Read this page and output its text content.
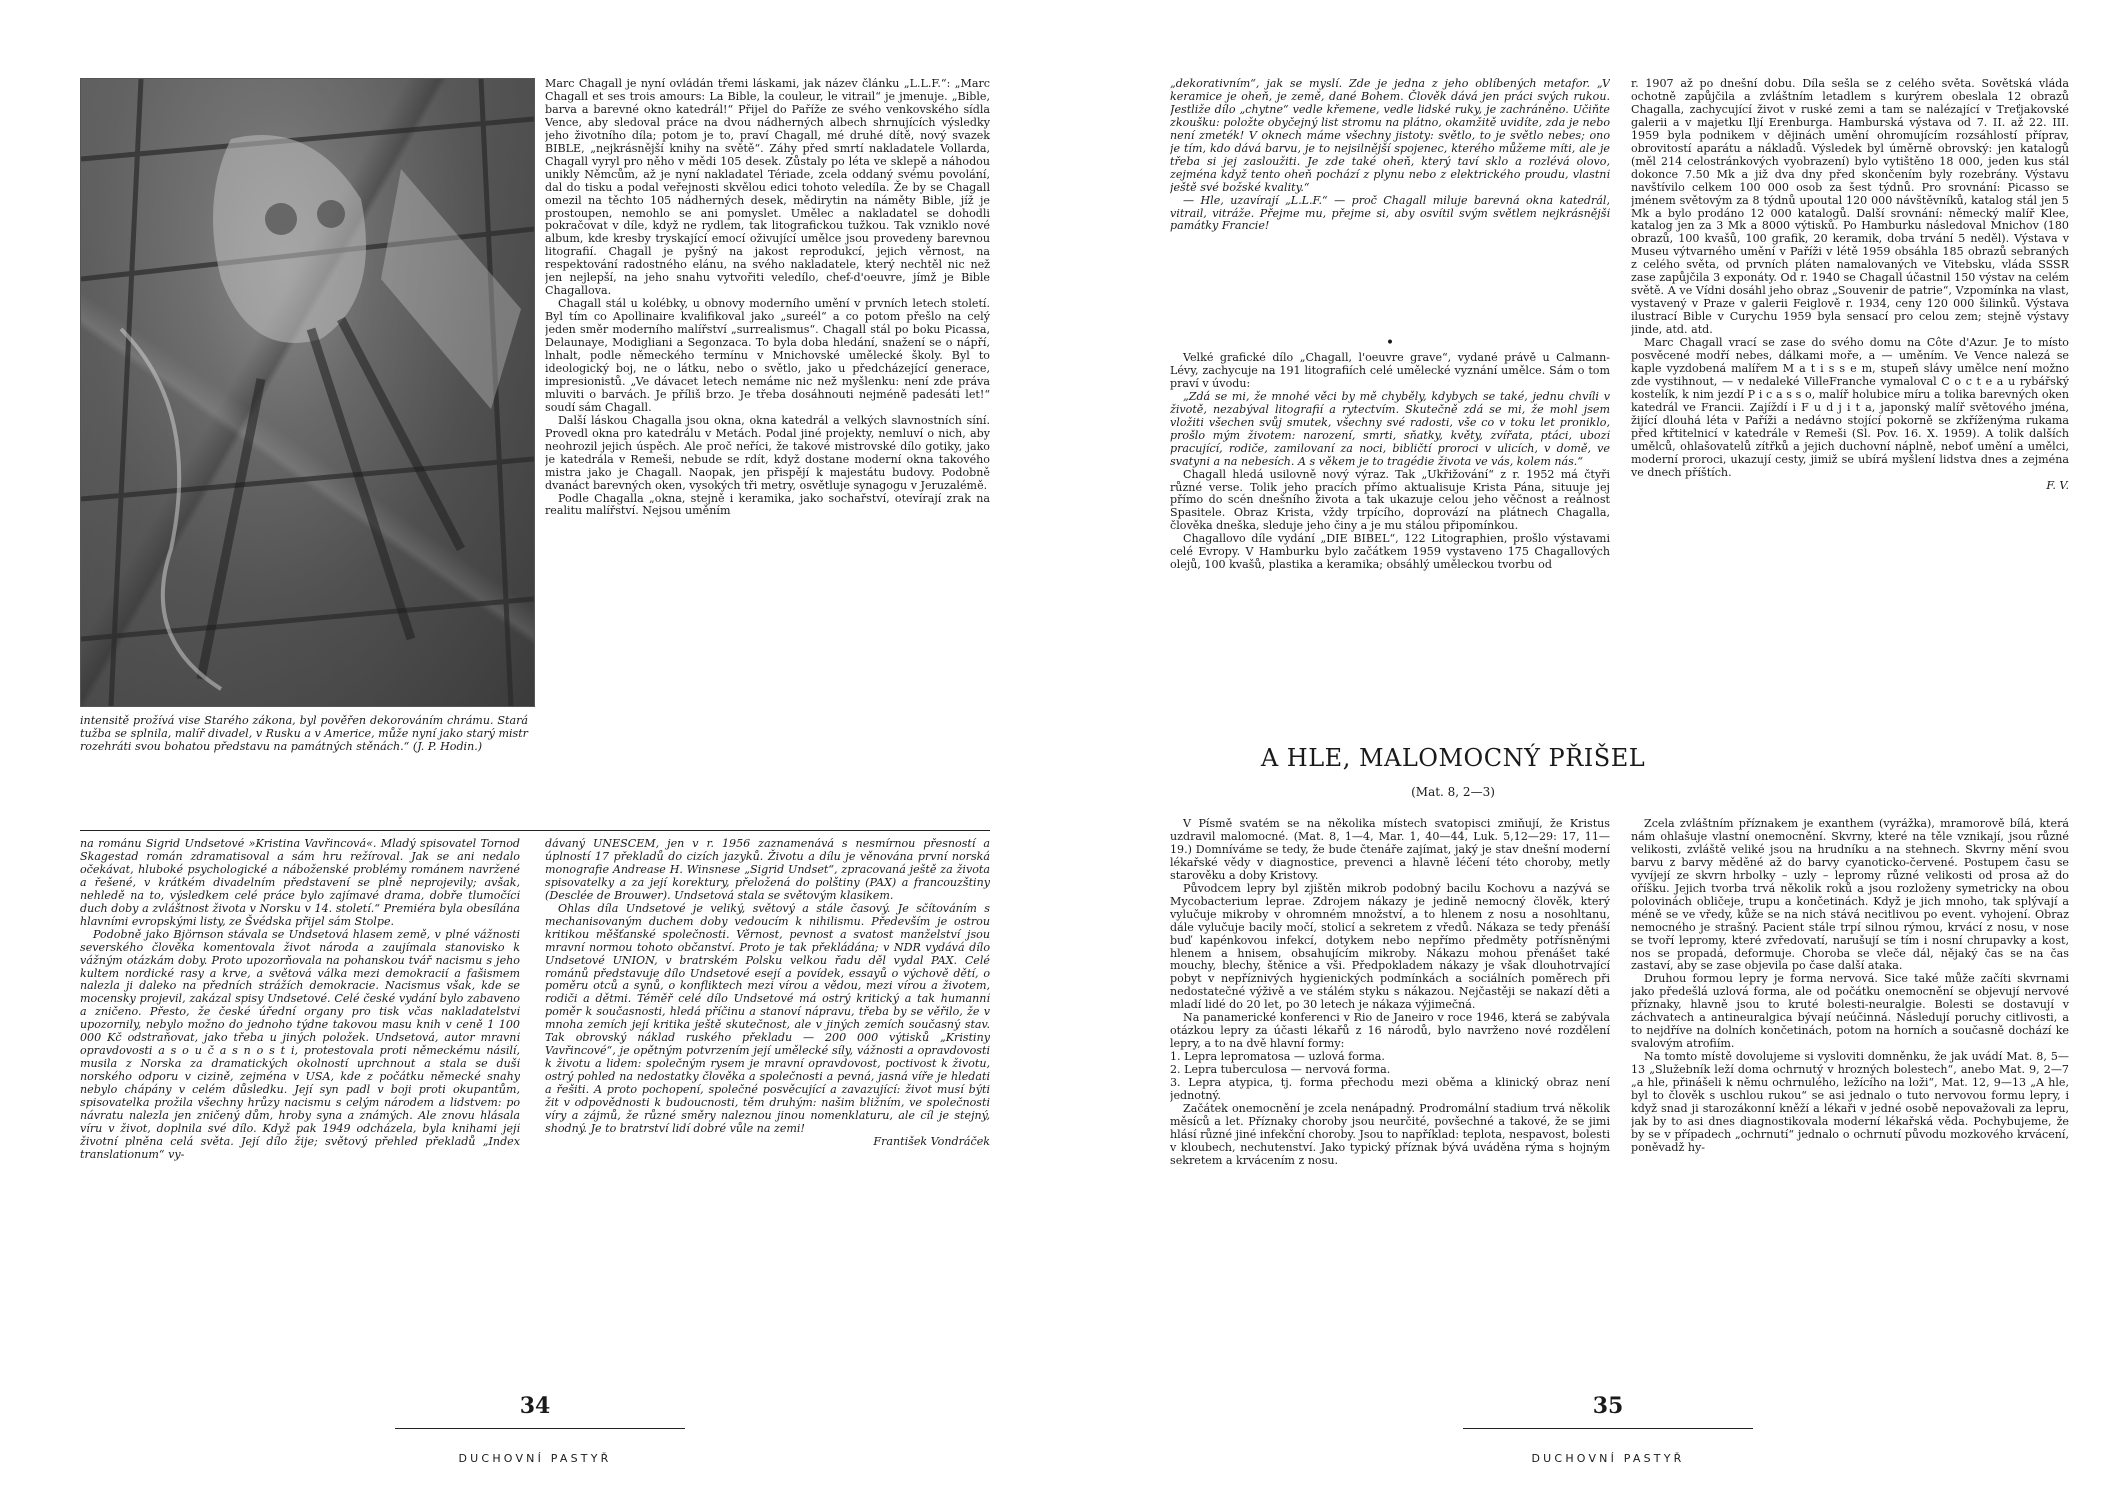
intensitě prožívá vise Starého zákona, byl pověřen dekorováním chrámu. Stará tužba se splnila, malíř divadel, v Rusku a v Americe, může nyní jako starý mistr rozehráti svou bohatou představu na památných stěnách.“ (J. P. Hodin.)

Marc Chagall je nyní ovládán třemi láskami, jak název článku „L.L.F.“: „Marc Chagall et ses trois amours: La Bible, la couleur, le vitrail“ je jmenuje. „Bible, barva a barevné okno katedrál!“ Přijel do Paříže ze svého venkovského sídla Vence, aby sledoval práce na dvou nádherných albech shrnujících výsledky jeho životního díla; potom je to, praví Chagall, mé druhé dítě, nový svazek BIBLE, „nejkrásnější knihy na světě“. Záhy před smrtí nakladatele Vollarda, Chagall vyryl pro něho v mědi 105 desek. Zůstaly po léta ve sklepě a náhodou unikly Němcům, až je nyní nakladatel Tériade, zcela oddaný svému povolání, dal do tisku a podal veřejnosti skvělou edici tohoto veledíla. Že by se Chagall omezil na těchto 105 nádherných desek, mědirytin na náměty Bible, jíž je prostoupen, nemohlo se ani pomyslet. Umělec a nakladatel se dohodli pokračovat v díle, když ne rydlem, tak litografickou tužkou. Tak vzniklo nové album, kde kresby tryskající emocí oživující umělce jsou provedeny barevnou litografií. Chagall je pyšný na jakost reprodukcí, jejich věrnost, na respektování radostného elánu, na svého nakladatele, který nechtěl nic než jen nejlepší, na jeho snahu vytvořiti veledílo, chef-d'oeuvre, jímž je Bible Chagallova.

Chagall stál u kolébky, u obnovy moderního umění v prvních letech století. Byl tím co Apollinaire kvalifikoval jako „sureél“ a co potom přešlo na celý jeden směr moderního malířství „surrealismus“. Chagall stál po boku Picassa, Delaunaye, Modigliani a Segonzaca. To byla doba hledání, snažení se o nápří, lnhalt, podle německého termínu v Mnichovské umělecké školy. Byl to ideologický boj, ne o látku, nebo o světlo, jako u předcházející generace, impresionistů. „Ve dávacet letech nemáme nic než myšlenku: není zde práva mluviti o barvách. Je příliš brzo. Je třeba dosáhnouti nejméně padesáti let!“ soudí sám Chagall.

Další láskou Chagalla jsou okna, okna katedrál a velkých slavnostních síní. Provedl okna pro katedrálu v Metách. Podal jiné projekty, nemluví o nich, aby neohrozil jejich úspěch. Ale proč neříci, že takové mistrovské dílo gotiky, jako je katedrála v Remeši, nebude se rdít, když dostane moderní okna takového mistra jako je Chagall. Naopak, jen přispějí k majestátu budovy. Podobně dvanáct barevných oken, vysokých tři metry, osvětluje synagogu v Jeruzalémě.

Podle Chagalla „okna, stejně i keramika, jako sochařství, otevírají zrak na realitu malířství. Nejsou uměním

na románu Sigrid Undsetové »Kristina Vavřincová«. Mladý spisovatel Tornod Skagestad román zdramatisoval a sám hru režíroval. Jak se ani nedalo očekávat, hluboké psychologické a náboženské problémy románem navržené a řešené, v krátkém divadelním představení se plně neprojevily; avšak, nehledě na to, výsledkem celé práce bylo zajímavé drama, dobře tlumočící duch doby a zvláštnost života v Norsku v 14. století.“ Premiéra byla obesílána hlavními evropskými listy, ze Švédska přijel sám Stolpe.

Podobně jako Björnson stávala se Undsetová hlasem země, v plné vážnosti severského člověka komentovala život národa a zaujímala stanovisko k vážným otázkám doby. Proto upozorňovala na pohanskou tvář nacismu s jeho kultem nordické rasy a krve, a světová válka mezi demokracií a fašismem nalezla ji daleko na předních strážích demokracie. Nacismus však, kde se mocensky projevil, zakázal spisy Undsetové. Celé české vydání bylo zabaveno a zničeno. Přesto, že české úřední organy pro tisk včas nakladatelství upozornily, nebylo možno do jednoho týdne takovou masu knih v ceně 1 100 000 Kč odstraňovat, jako třeba u jiných položek. Undsetová, autor mravní opravdovosti a s o u č a s n o s t i, protestovala proti německému násilí, musila z Norska za dramatických okolností uprchnout a stala se duší norského odporu v cizině, zejména v USA, kde z počátku německé snahy nebylo chápány v celém důsledku. Její syn padl v boji proti okupantům, spisovatelka prožila všechny hrůzy nacismu s celým národem a lidstvem: po návratu nalezla jen zničený dům, hroby syna a známých. Ale znovu hlásala víru v život, doplnila své dílo. Když pak 1949 odcházela, byla knihami její životní plněna celá světa. Její dílo žije; světový přehled překladů „Index translationum“ vy-

dávaný UNESCEM, jen v r. 1956 zaznamenává s nesmírnou přesností a úplností 17 překladů do cizích jazyků. Životu a dílu je věnována první norská monografie Andrease H. Winsnese „Sigrid Undset“, zpracovaná ještě za života spisovatelky a za její korektury, přeložená do polštiny (PAX) a francouzštiny (Desclée de Brouwer). Undsetová stala se světovým klasikem.

Ohlas díla Undsetové je veliký, světový a stále časový. Je sčítováním s mechanisovaným duchem doby vedoucím k nihilismu. Především je ostrou kritikou měšťanské společnosti. Věrnost, pevnost a svatost manželství jsou mravní normou tohoto občanství. Proto je tak překládána; v NDR vydává dílo Undsetové UNION, v bratrském Polsku velkou řadu děl vydal PAX. Celé románů představuje dílo Undsetové esejí a povídek, essayů o výchově dětí, o poměru otců a synů, o konfliktech mezi vírou a vědou, mezi vírou a životem, rodiči a dětmi. Téměř celé dílo Undsetové má ostrý kritický a tak humanní poměr k současnosti, hledá příčinu a stanoví nápravu, třeba by se věřilo, že v mnoha zemích její kritika ještě skutečnost, ale v jiných zemích současný stav. Tak obrovský náklad ruského překladu — 200 000 výtisků „Kristiny Vavřincové“, je opětným potvrzením její umělecké síly, vážnosti a opravdovosti k životu a lidem: společným rysem je mravní opravdovost, poctivost k životu, ostrý pohled na nedostatky člověka a společnosti a pevná, jasná víře je hledati a řešiti. A proto pochopení, společné posvěcující a zavazující: život musí býti žit v odpovědnosti k budoucnosti, těm druhým: našim bližním, ve společnosti víry a zájmů, že různé směry naleznou jinou nomenklaturu, ale cíl je stejný, shodný. Je to bratrství lidí dobré vůle na zemi!

František Vondráček

34
DUCHOVNÍ PASTYŘ

„dekorativním“, jak se myslí. Zde je jedna z jeho oblíbených metafor. „V keramice je oheň, je země, dané Bohem. Člověk dává jen práci svých rukou. Jestliže dílo „chytne“ vedle křemene, vedle lidské ruky, je zachráněno. Učiňte zkoušku: položte obyčejný list stromu na plátno, okamžitě uvidíte, zda je nebo není zmeték! V oknech máme všechny jistoty: světlo, to je světlo nebes; ono je tím, kdo dává barvu, je to nejsilnější spojenec, kterého můžeme míti, ale je třeba si jej zasloužiti. Je zde také oheň, který taví sklo a rozlévá olovo, zejména když tento oheň pochází z plynu nebo z elektrického proudu, vlastní ještě své božské kvality.“

— Hle, uzavírají „L.L.F.“ — proč Chagall miluje barevná okna katedrál, vitrail, vitráže. Přejme mu, přejme si, aby osvítil svým světlem nejkrásnější památky Francie!

•

Velké grafické dílo „Chagall, l'oeuvre grave“, vydané právě u Calmann-Lévy, zachycuje na 191 litografiích celé umělecké vyznání umělce. Sám o tom praví v úvodu:

„Zdá se mi, že mnohé věci by mě chyběly, kdybych se také, jednu chvíli v životě, nezabýval litografií a rytectvím. Skutečně zdá se mi, že mohl jsem vložiti všechen svůj smutek, všechny své radosti, vše co v toku let proniklo, prošlo mým životem: narození, smrti, sňatky, květy, zvířata, ptáci, ubozí pracující, rodiče, zamilovaní za noci, bibličtí proroci v ulicích, v domě, ve svatyni a na nebesích. A s věkem je to tragédie života ve vás, kolem nás.“

Chagall hledá usilovně nový výraz. Tak „Ukřižování“ z r. 1952 má čtyři různé verse. Tolik jeho pracích přímo aktualisuje Krista Pána, situuje jej přímo do scén dnešního života a tak ukazuje celou jeho věčnost a reálnost Spasitele. Obraz Krista, vždy trpícího, doprovází na plátnech Chagalla, člověka dneška, sleduje jeho činy a je mu stálou připomínkou.

Chagallovo díle vydání „DIE BIBEL“, 122 Litographien, prošlo výstavami celé Evropy. V Hamburku bylo začátkem 1959 vystaveno 175 Chagallových olejů, 100 kvašů, plastika a keramika; obsáhlý uměleckou tvorbu od

r. 1907 až po dnešní dobu. Díla sešla se z celého světa. Sovětská vláda ochotně zapůjčila a zvláštním letadlem s kurýrem obeslala 12 obrazů Chagalla, zachycující život v ruské zemi a tam se nalézající v Treťjakovské galerii a v majetku Iljí Erenburga. Hamburská výstava od 7. II. až 22. III. 1959 byla podnikem v dějinách umění ohromujícím rozsáhlostí příprav, obrovitostí aparátu a nákladů. Výsledek byl úměrně obrovský: jen katalogů (měl 214 celostránkových vyobrazení) bylo vytištěno 18 000, jeden kus stál dokonce 7.50 Mk a již dva dny před skončením byly rozebrány. Výstavu navštívilo celkem 100 000 osob za šest týdnů. Pro srovnání: Picasso se jménem světovým za 8 týdnů upoutal 120 000 návštěvníků, katalog stál jen 5 Mk a bylo prodáno 12 000 katalogů. Další srovnání: německý malíř Klee, katalog jen za 3 Mk a 8000 výtisků. Po Hamburku následoval Mnichov (180 obrazů, 100 kvašů, 100 grafik, 20 keramik, doba trvání 5 neděl). Výstava v Museu výtvarného umění v Paříži v létě 1959 obsáhla 185 obrazů sebraných z celého světa, od prvních pláten namalovaných ve Vitebsku, vláda SSSR zase zapůjčila 3 exponáty. Od r. 1940 se Chagall účastnil 150 výstav na celém světě. A ve Vídni dosáhl jeho obraz „Souvenir de patrie“, Vzpomínka na vlast, vystavený v Praze v galerii Feiglově r. 1934, ceny 120 000 šilinků. Výstava ilustrací Bible v Curychu 1959 byla sensací pro celou zem; stejně výstavy jinde, atd. atd.

Marc Chagall vrací se zase do svého domu na Côte d'Azur. Je to místo posvěcené modří nebes, dálkami moře, a — uměním. Ve Vence nalezá se kaple vyzdobená malířem M a t i s s e m, stupeň slávy umělce není možno zde vystihnout, — v nedaleké VilleFranche vymaloval C o c t e a u rybářský kostelík, k nim jezdí P i c a s s o, malíř holubice míru a tolika barevných oken katedrál ve Francii. Zajíždí i F u d j i t a, japonský malíř světového jména, žijící dlouhá léta v Paříži a nedávno stojící pokorně se zkříženýma rukama před křtitelnicí v katedrále v Remeši (Sl. Pov. 16. X. 1959). A tolik dalších umělců, ohlašovatelů zítřků a jejich duchovní náplně, neboť umění a umělci, moderní proroci, ukazují cesty, jimiž se ubírá myšlení lidstva dnes a zejména ve dnech příštích.

F. V.

A HLE, MALOMOCNÝ PŘIŠEL
(Mat. 8, 2—3)

V Písmě svatém se na několika místech svatopisci zmiňují, že Kristus uzdravil malomocné. (Mat. 8, 1—4, Mar. 1, 40—44, Luk. 5,12—29: 17, 11—19.) Domníváme se tedy, že bude čtenáře zajímat, jaký je stav dnešní moderní lékařské vědy v diagnostice, prevenci a hlavně léčení této choroby, metly starověku a doby Kristovy.

Původcem lepry byl zjištěn mikrob podobný bacilu Kochovu a nazývá se Mycobacterium leprae. Zdrojem nákazy je jedině nemocný člověk, který vylučuje mikroby v ohromném množství, a to hlenem z nosu a nosohltanu, dále vylučuje bacily močí, stolicí a sekretem z vředů. Nákaza se tedy přenáší buď kapénkovou infekcí, dotykem nebo nepřímo předměty potřísněnými hlenem a hnisem, obsahujícím mikroby. Nákazu mohou přenášet také mouchy, blechy, štěnice a vši. Předpokladem nákazy je však dlouhotrvající pobyt v nepříznivých hygienických podmínkách a sociálních poměrech při nedostatečné výživě a ve stálém styku s nákazou. Nejčastěji se nakazí děti a mladí lidé do 20 let, po 30 letech je nákaza výjimečná.

Na panamerické konferenci v Rio de Janeiro v roce 1946, která se zabývala otázkou lepry za účasti lékařů z 16 národů, bylo navrženo nové rozdělení lepry, a to na dvě hlavní formy:

1. Lepra lepromatosa — uzlová forma.

2. Lepra tuberculosa — nervová forma.

3. Lepra atypica, tj. forma přechodu mezi oběma a klinický obraz není jednotný.

Začátek onemocnění je zcela nenápadný. Prodromální stadium trvá několik měsíců a let. Příznaky choroby jsou neurčité, povšechné a takové, že se jimi hlásí různé jiné infekční choroby. Jsou to například: teplota, nespavost, bolesti v kloubech, nechutenství. Jako typický příznak bývá uváděna rýma s hojným sekretem a krvácením z nosu.

Zcela zvláštním příznakem je exanthem (vyrážka), mramorově bílá, která nám ohlašuje vlastní onemocnění. Skvrny, které na těle vznikají, jsou různé velikosti, zvláště veliké jsou na hrudníku a na stehnech. Skvrny mění svou barvu z barvy měděné až do barvy cyanoticko-červené. Postupem času se vyvíjejí ze skvrn hrbolky – uzly – lepromy různé velikosti od prosa až do oříšku. Jejich tvorba trvá několik roků a jsou rozloženy symetricky na obou polovinách obličeje, trupu a končetinách. Když je jich mnoho, tak splývají a méně se ve vředy, kůže se na nich stává necitlivou po event. vyhojení. Obraz nemocného je strašný. Pacient stále trpí silnou rýmou, krvácí z nosu, v nose se tvoří lepromy, které zvředovatí, narušují se tím i nosní chrupavky a kost, nos se propadá, deformuje. Choroba se vleče dál, nějaký čas se na čas zastaví, aby se zase objevila po čase další ataka.

Druhou formou lepry je forma nervová. Sice také může začíti skvrnami jako předešlá uzlová forma, ale od počátku onemocnění se objevují nervové příznaky, hlavně jsou to kruté bolesti-neuralgie. Bolesti se dostavují v záchvatech a antineuralgica bývají neúčinná. Následují poruchy citlivosti, a to nejdříve na dolních končetinách, potom na horních a současně dochází ke svalovým atrofiím.

Na tomto místě dovolujeme si vysloviti domněnku, že jak uvádí Mat. 8, 5—13 „Služebník leží doma ochrnutý v hrozných bolestech“, anebo Mat. 9, 2—7 „a hle, přinášeli k němu ochrnulého, ležícího na loži“, Mat. 12, 9—13 „A hle, byl to člověk s uschlou rukou“ se asi jednalo o tuto nervovou formu lepry, i když snad ji starozákonní kněží a lékaři v jedné osobě nepovažovali za lepru, jak by to asi dnes diagnostikovala moderní lékařská věda. Pochybujeme, že by se v případech „ochrnutí“ jednalo o ochrnutí původu mozkového krvácení, poněvadž hy-

35
DUCHOVNÍ PASTYŘ
